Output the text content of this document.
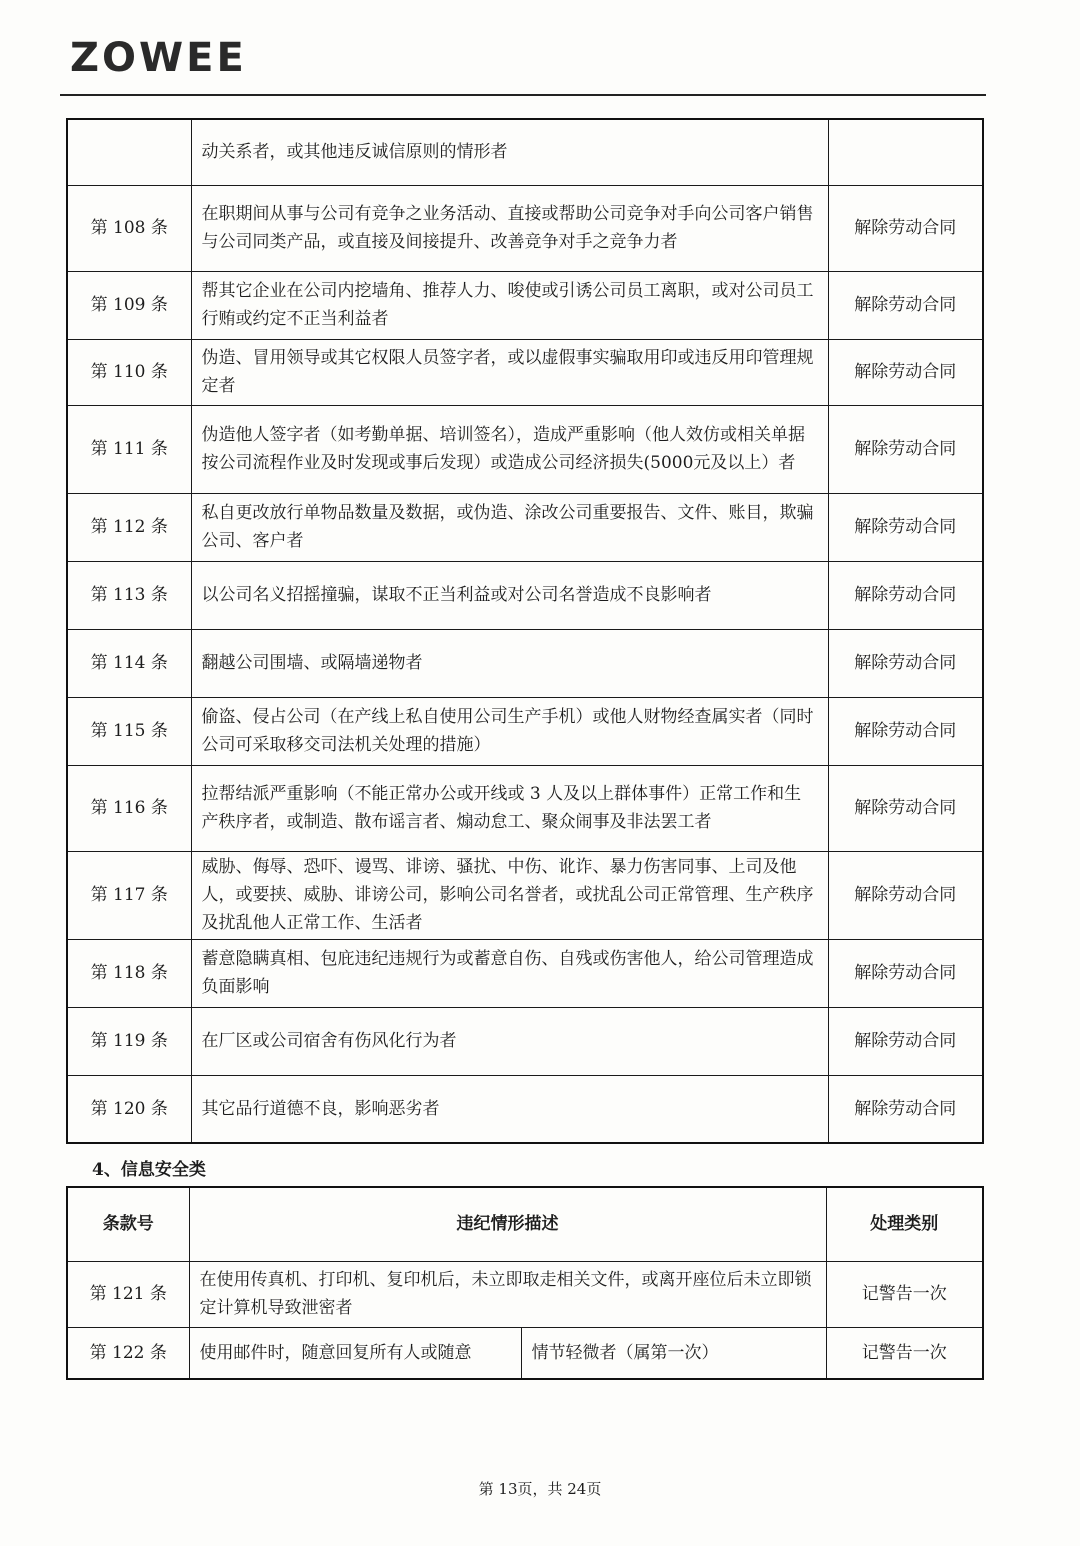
ZOWEE
	动关系者，或其他违反诚信原则的情形者	
第 108 条	在职期间从事与公司有竞争之业务活动、直接或帮助公司竞争对手向公司客户销售与公司同类产品，或直接及间接提升、改善竞争对手之竞争力者	解除劳动合同
第 109 条	帮其它企业在公司内挖墙角、推荐人力、唆使或引诱公司员工离职，或对公司员工行贿或约定不正当利益者	解除劳动合同
第 110 条	伪造、冒用领导或其它权限人员签字者，或以虚假事实骗取用印或违反用印管理规定者	解除劳动合同
第 111 条	伪造他人签字者（如考勤单据、培训签名），造成严重影响（他人效仿或相关单据按公司流程作业及时发现或事后发现）或造成公司经济损失(5000元及以上）者	解除劳动合同
第 112 条	私自更改放行单物品数量及数据，或伪造、涂改公司重要报告、文件、账目，欺骗公司、客户者	解除劳动合同
第 113 条	以公司名义招摇撞骗，谋取不正当利益或对公司名誉造成不良影响者	解除劳动合同
第 114 条	翻越公司围墙、或隔墙递物者	解除劳动合同
第 115 条	偷盗、侵占公司（在产线上私自使用公司生产手机）或他人财物经查属实者（同时公司可采取移交司法机关处理的措施）	解除劳动合同
第 116 条	拉帮结派严重影响（不能正常办公或开线或 3 人及以上群体事件）正常工作和生产秩序者，或制造、散布谣言者、煽动怠工、聚众闹事及非法罢工者	解除劳动合同
第 117 条	威胁、侮辱、恐吓、谩骂、诽谤、骚扰、中伤、讹诈、暴力伤害同事、上司及他人，或要挟、威胁、诽谤公司，影响公司名誉者，或扰乱公司正常管理、生产秩序及扰乱他人正常工作、生活者	解除劳动合同
第 118 条	蓄意隐瞒真相、包庇违纪违规行为或蓄意自伤、自残或伤害他人，给公司管理造成负面影响	解除劳动合同
第 119 条	在厂区或公司宿舍有伤风化行为者	解除劳动合同
第 120 条	其它品行道德不良，影响恶劣者	解除劳动合同
4、信息安全类
条款号	违纪情形描述		处理类别
第 121 条	在使用传真机、打印机、复印机后，未立即取走相关文件，或离开座位后未立即锁定计算机导致泄密者		记警告一次
第 122 条	使用邮件时，随意回复所有人或随意	情节轻微者（属第一次）	记警告一次
第 13页，共 24页
